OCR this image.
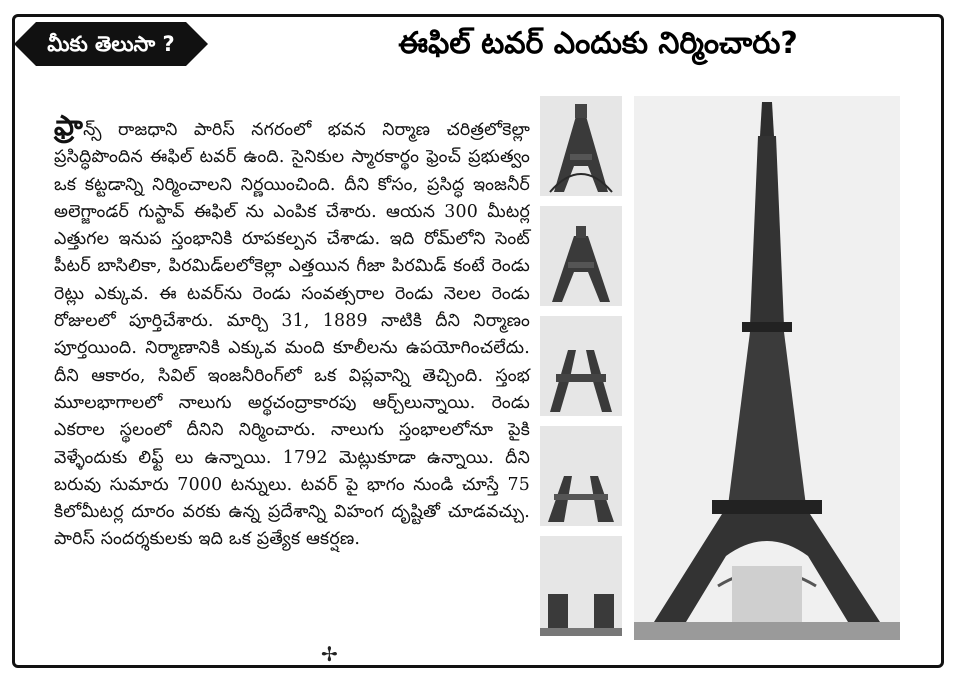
మీకు తెలుసా ?	ఈఫిల్ టవర్ ఎందుకు నిర్మించారు?
ఫ్రాన్స్ రాజధాని పారిస్ నగరంలో భవన నిర్మాణ చరిత్రలోకెల్లా ప్రసిద్ధిపొందిన ఈఫిల్ టవర్ ఉంది. సైనికుల స్మారకార్థం ఫ్రెంచ్ ప్రభుత్వం ఒక కట్టడాన్ని నిర్మించాలని నిర్ణయించింది. దీని కోసం, ప్రసిద్ధ ఇంజనీర్ అలెగ్జాండర్ గుస్టావ్ ఈఫిల్ ను ఎంపిక చేశారు. ఆయన 300 మీటర్ల ఎత్తుగల ఇనుప స్తంభానికి రూపకల్పన చేశాడు. ఇది రోమ్‌లోని సెంట్ పీటర్ బాసిలికా, పిరమిడ్‌లలోకెల్లా ఎత్తయిన గీజా పిరమిడ్ కంటే రెండు రెట్లు ఎక్కువ. ఈ టవర్‌ను రెండు సంవత్సరాల రెండు నెలల రెండు రోజులలో పూర్తిచేశారు. మార్చి 31, 1889 నాటికి దీని నిర్మాణం పూర్తయింది. నిర్మాణానికి ఎక్కువ మంది కూలీలను ఉపయోగించలేదు. దీని ఆకారం, సివిల్ ఇంజనీరింగ్‌లో ఒక విప్లవాన్ని తెచ్చింది. స్తంభ మూలభాగాలలో నాలుగు అర్థచంద్రాకారపు ఆర్చ్‌లున్నాయి. రెండు ఎకరాల స్థలంలో దీనిని నిర్మించారు. నాలుగు స్తంభాలలోనూ పైకి వెళ్ళేందుకు లిఫ్ట్ లు ఉన్నాయి. 1792 మెట్లుకూడా ఉన్నాయి. దీని బరువు సుమారు 7000 టన్నులు. టవర్ పై భాగం నుండి చూస్తే 75 కిలోమీటర్ల దూరం వరకు ఉన్న ప్రదేశాన్ని విహంగ దృష్టితో చూడవచ్చు. పారిస్ సందర్శకులకు ఇది ఒక ప్రత్యేక ఆకర్షణ.
✢
